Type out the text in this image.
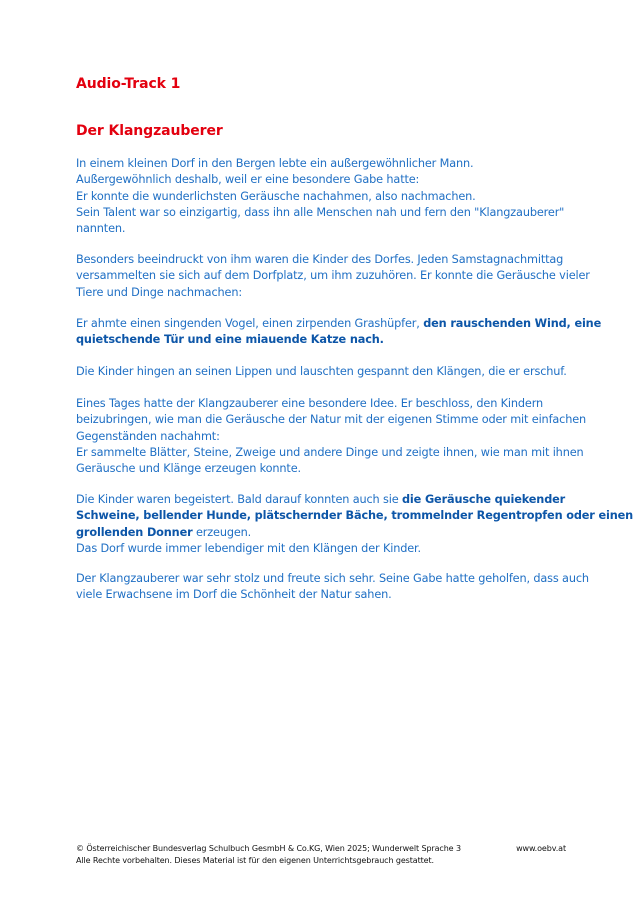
Audio-Track 1
Der Klangzauberer

In einem kleinen Dorf in den Bergen lebte ein außergewöhnlicher Mann.
Außergewöhnlich deshalb, weil er eine besondere Gabe hatte:
Er konnte die wunderlichsten Geräusche nachahmen, also nachmachen.
Sein Talent war so einzigartig, dass ihn alle Menschen nah und fern den "Klangzauberer"
nannten.

Besonders beeindruckt von ihm waren die Kinder des Dorfes. Jeden Samstagnachmittag
versammelten sie sich auf dem Dorfplatz, um ihm zuzuhören. Er konnte die Geräusche vieler
Tiere und Dinge nachmachen:

Er ahmte einen singenden Vogel, einen zirpenden Grashüpfer, den rauschenden Wind, eine
quietschende Tür und eine miauende Katze nach.

Die Kinder hingen an seinen Lippen und lauschten gespannt den Klängen, die er erschuf.

Eines Tages hatte der Klangzauberer eine besondere Idee. Er beschloss, den Kindern
beizubringen, wie man die Geräusche der Natur mit der eigenen Stimme oder mit einfachen
Gegenständen nachahmt:
Er sammelte Blätter, Steine, Zweige und andere Dinge und zeigte ihnen, wie man mit ihnen
Geräusche und Klänge erzeugen konnte.

Die Kinder waren begeistert. Bald darauf konnten auch sie die Geräusche quiekender
Schweine, bellender Hunde, plätschernder Bäche, trommelnder Regentropfen oder einen
grollenden Donner erzeugen.
Das Dorf wurde immer lebendiger mit den Klängen der Kinder.

Der Klangzauberer war sehr stolz und freute sich sehr. Seine Gabe hatte geholfen, dass auch
viele Erwachsene im Dorf die Schönheit der Natur sahen.

© Österreichischer Bundesverlag Schulbuch GesmbH & Co.KG, Wien 2025; Wunderwelt Sprache 3	www.oebv.at
Alle Rechte vorbehalten. Dieses Material ist für den eigenen Unterrichtsgebrauch gestattet.
